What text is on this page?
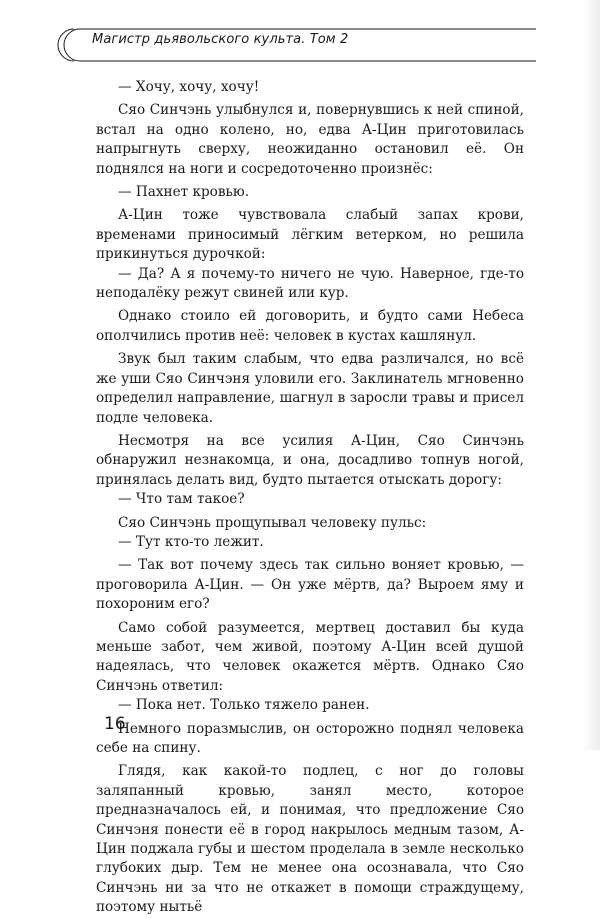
Магистр дьявольского культа. Том 2

— Хочу, хочу, хочу!

Сяо Синчэнь улыбнулся и, повернувшись к ней спиной, встал на одно колено, но, едва А-Цин приготовилась напрыгнуть сверху, неожиданно остановил её. Он поднялся на ноги и сосредоточенно произнёс:

— Пахнет кровью.

А-Цин тоже чувствовала слабый запах крови, временами приносимый лёгким ветерком, но решила прикинуться дурочкой:

— Да? А я почему-то ничего не чую. Наверное, где-то неподалёку режут свиней или кур.

Однако стоило ей договорить, и будто сами Небеса ополчились против неё: человек в кустах кашлянул.

Звук был таким слабым, что едва различался, но всё же уши Сяо Синчэня уловили его. Заклинатель мгновенно определил направление, шагнул в заросли травы и присел подле человека.

Несмотря на все усилия А-Цин, Сяо Синчэнь обнаружил незнакомца, и она, досадливо топнув ногой, принялась делать вид, будто пытается отыскать дорогу:

— Что там такое?

Сяо Синчэнь прощупывал человеку пульс:

— Тут кто-то лежит.

— Так вот почему здесь так сильно воняет кровью, — проговорила А-Цин. — Он уже мёртв, да? Выроем яму и похороним его?

Само собой разумеется, мертвец доставил бы куда меньше забот, чем живой, поэтому А-Цин всей душой надеялась, что человек окажется мёртв. Однако Сяо Синчэнь ответил:

— Пока нет. Только тяжело ранен.

Немного поразмыслив, он осторожно поднял человека себе на спину.

Глядя, как какой-то подлец, с ног до головы заляпанный кровью, занял место, которое предназначалось ей, и понимая, что предложение Сяо Синчэня понести её в город накрылось медным тазом, А-Цин поджала губы и шестом проделала в земле несколько глубоких дыр. Тем не менее она осознавала, что Сяо Синчэнь ни за что не откажет в помощи страждущему, поэтому нытьё

16
